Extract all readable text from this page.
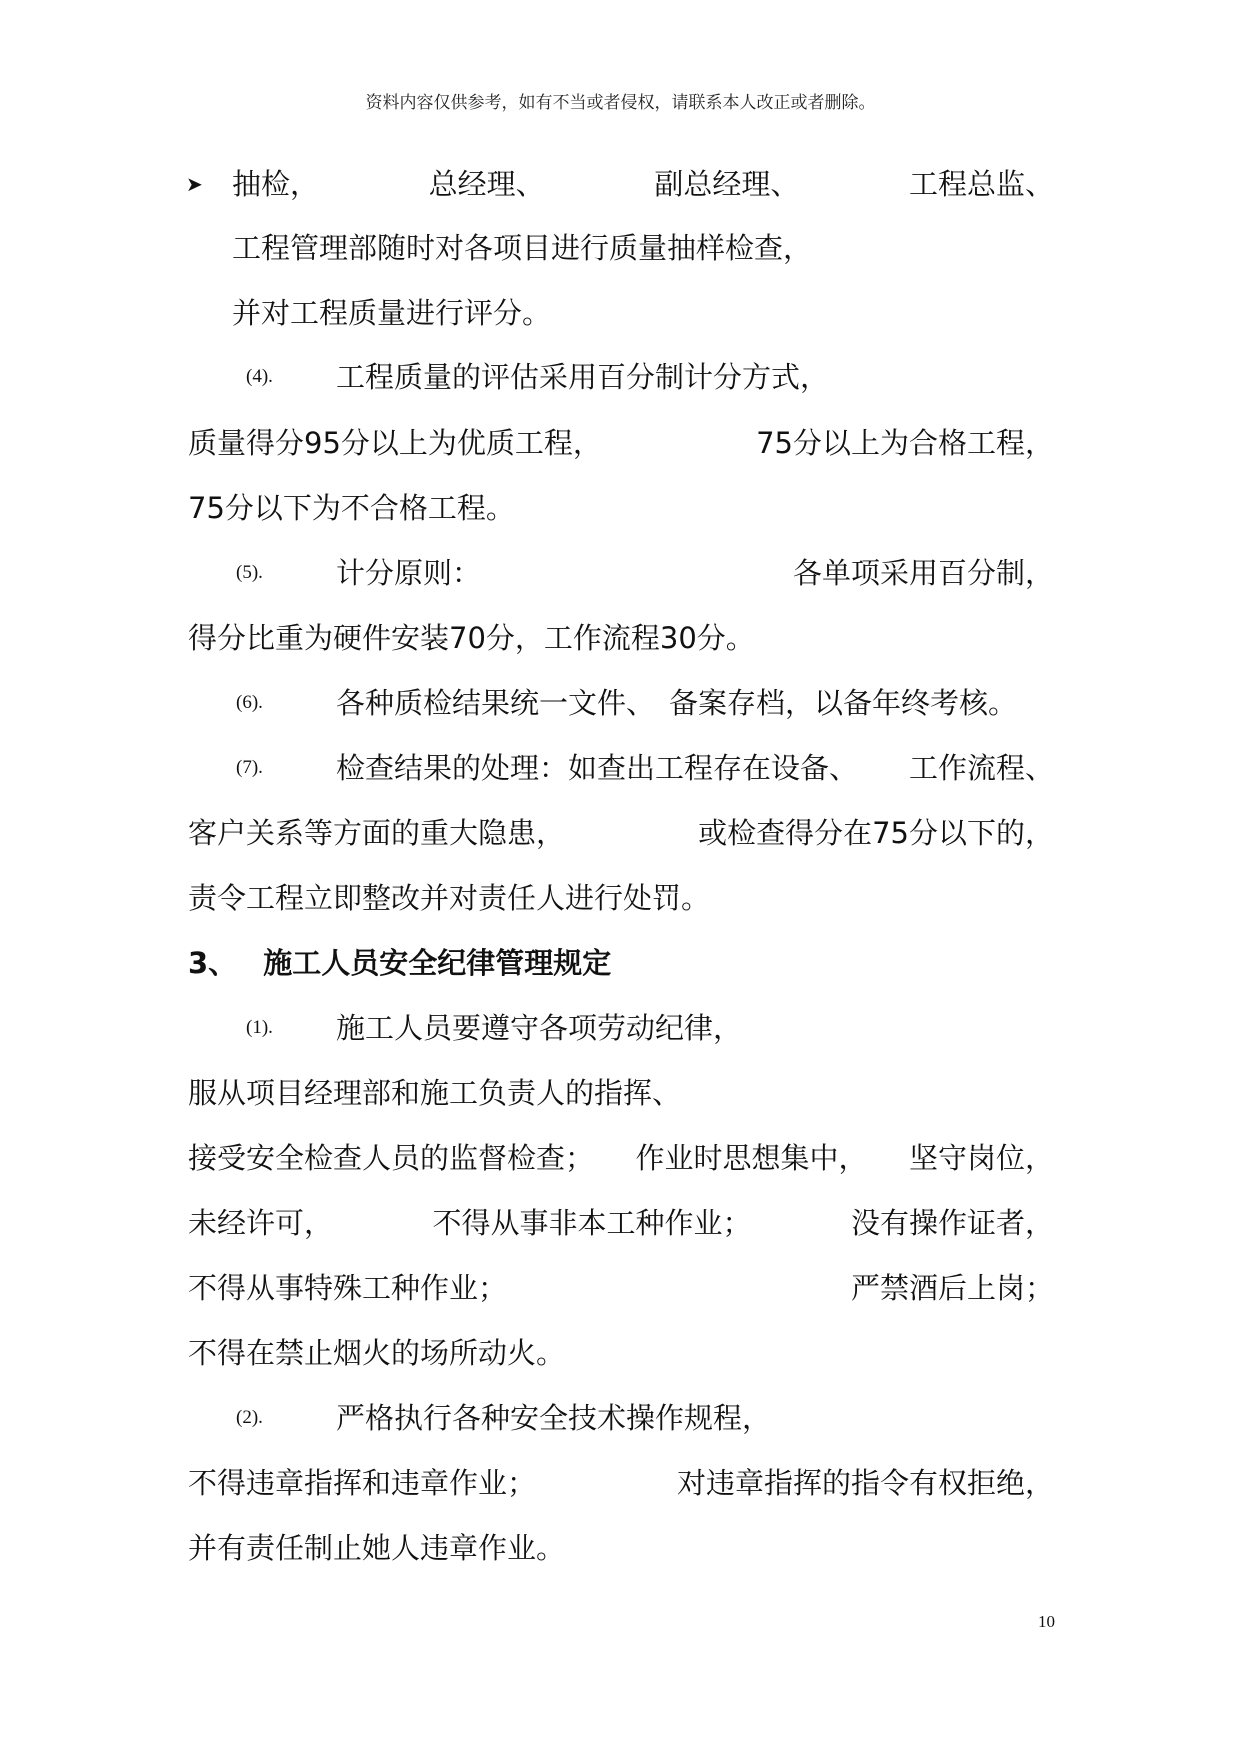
资料内容仅供参考，如有不当或者侵权，请联系本人改正或者删除。
➤ 抽检，	总经理、	副总经理、	工程总监、
工程管理部随时对各项目进行质量抽样检查，
并对工程质量进行评分。
(4). 工程质量的评估采用百分制计分方式，
质量得分95分以上为优质工程，	75分以上为合格工程，
75分以下为不合格工程。
(5).	计分原则：	各单项采用百分制，
得分比重为硬件安装70分，工作流程30分。
(6).	各种质检结果统一文件、 备案存档，以备年终考核。
(7).	检查结果的处理：如查出工程存在设备、 工作流程、
客户关系等方面的重大隐患，	或检查得分在75分以下的，
责令工程立即整改并对责任人进行处罚。
3、 施工人员安全纪律管理规定
(1). 施工人员要遵守各项劳动纪律，
服从项目经理部和施工负责人的指挥、
接受安全检查人员的监督检查； 作业时思想集中， 坚守岗位，
未经许可，	不得从事非本工种作业；	没有操作证者，
不得从事特殊工种作业；	严禁酒后上岗；
不得在禁止烟火的场所动火。
(2).	严格执行各种安全技术操作规程，
不得违章指挥和违章作业；	对违章指挥的指令有权拒绝，
并有责任制止她人违章作业。
10
